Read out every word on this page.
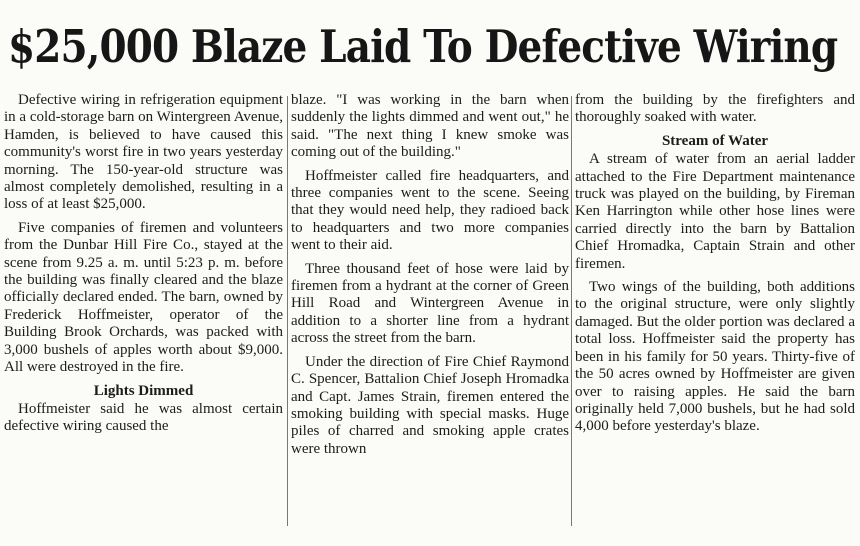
$25,000 Blaze Laid To Defective Wiring

Defective wiring in refrigeration equipment in a cold-storage barn on Wintergreen Avenue, Hamden, is believed to have caused this community's worst fire in two years yesterday morning. The 150-year-old structure was almost completely demolished, resulting in a loss of at least $25,000.

Five companies of firemen and volunteers from the Dunbar Hill Fire Co., stayed at the scene from 9.25 a. m. until 5:23 p. m. before the building was finally cleared and the blaze officially declared ended. The barn, owned by Frederick Hoffmeister, operator of the Building Brook Orchards, was packed with 3,000 bushels of apples worth about $9,000. All were destroyed in the fire.

Lights Dimmed

Hoffmeister said he was almost certain defective wiring caused the

blaze. "I was working in the barn when suddenly the lights dimmed and went out," he said. "The next thing I knew smoke was coming out of the building."

Hoffmeister called fire headquarters, and three companies went to the scene. Seeing that they would need help, they radioed back to headquarters and two more companies went to their aid.

Three thousand feet of hose were laid by firemen from a hydrant at the corner of Green Hill Road and Wintergreen Avenue in addition to a shorter line from a hydrant across the street from the barn.

Under the direction of Fire Chief Raymond C. Spencer, Battalion Chief Joseph Hromadka and Capt. James Strain, firemen entered the smoking building with special masks. Huge piles of charred and smoking apple crates were thrown

from the building by the firefighters and thoroughly soaked with water.

Stream of Water

A stream of water from an aerial ladder attached to the Fire Department maintenance truck was played on the building, by Fireman Ken Harrington while other hose lines were carried directly into the barn by Battalion Chief Hromadka, Captain Strain and other firemen.

Two wings of the building, both additions to the original structure, were only slightly damaged. But the older portion was declared a total loss. Hoffmeister said the property has been in his family for 50 years. Thirty-five of the 50 acres owned by Hoffmeister are given over to raising apples. He said the barn originally held 7,000 bushels, but he had sold 4,000 before yesterday's blaze.
